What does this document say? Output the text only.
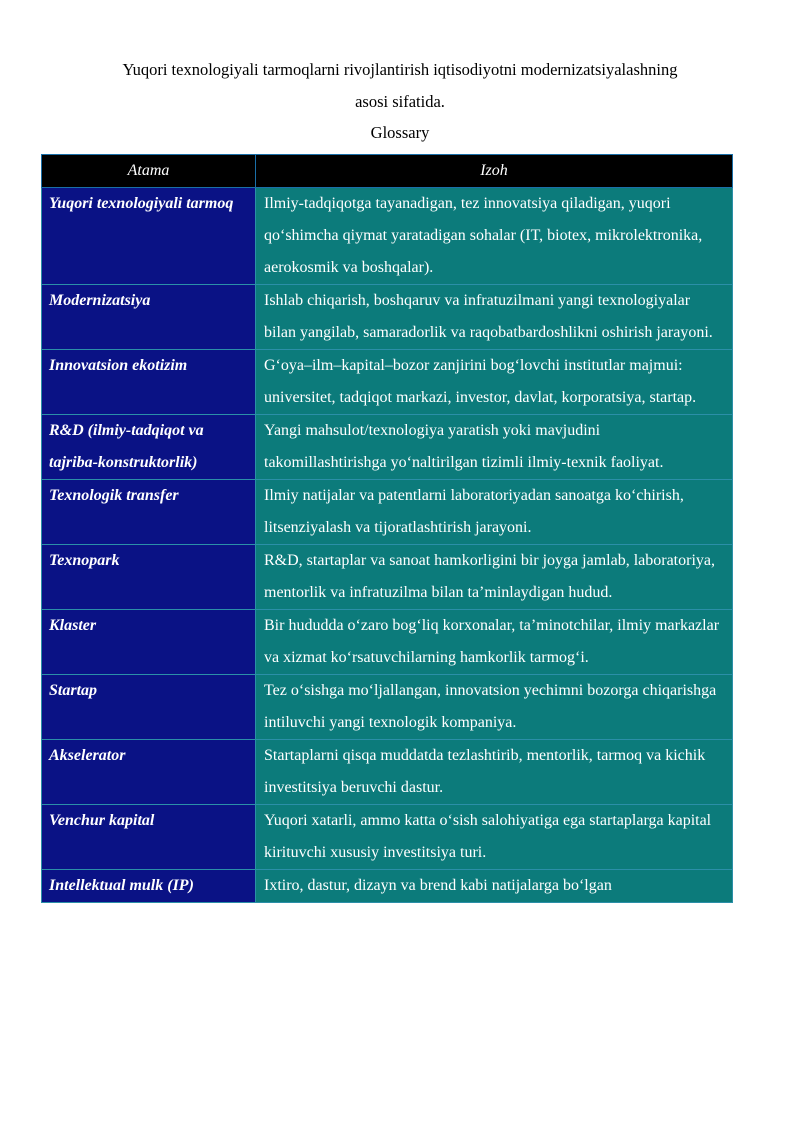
Yuqori texnologiyali tarmoqlarni rivojlantirish iqtisodiyotni modernizatsiyalashning
asosi sifatida.
Glossary
Atama	Izoh
Yuqori texnologiyali tarmoq	Ilmiy-tadqiqotga tayanadigan, tez innovatsiya qiladigan, yuqori qo‘shimcha qiymat yaratadigan sohalar (IT, biotex, mikrolektronika, aerokosmik va boshqalar).
Modernizatsiya	Ishlab chiqarish, boshqaruv va infratuzilmani yangi texnologiyalar bilan yangilab, samaradorlik va raqobatbardoshlikni oshirish jarayoni.
Innovatsion ekotizim	G‘oya–ilm–kapital–bozor zanjirini bog‘lovchi institutlar majmui: universitet, tadqiqot markazi, investor, davlat, korporatsiya, startap.
R&D (ilmiy-tadqiqot va tajriba-konstruktorlik)	Yangi mahsulot/texnologiya yaratish yoki mavjudini takomillashtirishga yo‘naltirilgan tizimli ilmiy-texnik faoliyat.
Texnologik transfer	Ilmiy natijalar va patentlarni laboratoriyadan sanoatga ko‘chirish, litsenziyalash va tijoratlashtirish jarayoni.
Texnopark	R&D, startaplar va sanoat hamkorligini bir joyga jamlab, laboratoriya, mentorlik va infratuzilma bilan ta’minlaydigan hudud.
Klaster	Bir hududda o‘zaro bog‘liq korxonalar, ta’minotchilar, ilmiy markazlar va xizmat ko‘rsatuvchilarning hamkorlik tarmog‘i.
Startap	Tez o‘sishga mo‘ljallangan, innovatsion yechimni bozorga chiqarishga intiluvchi yangi texnologik kompaniya.
Akselerator	Startaplarni qisqa muddatda tezlashtirib, mentorlik, tarmoq va kichik investitsiya beruvchi dastur.
Venchur kapital	Yuqori xatarli, ammo katta o‘sish salohiyatiga ega startaplarga kapital kirituvchi xususiy investitsiya turi.
Intellektual mulk (IP)	Ixtiro, dastur, dizayn va brend kabi natijalarga bo‘lgan
